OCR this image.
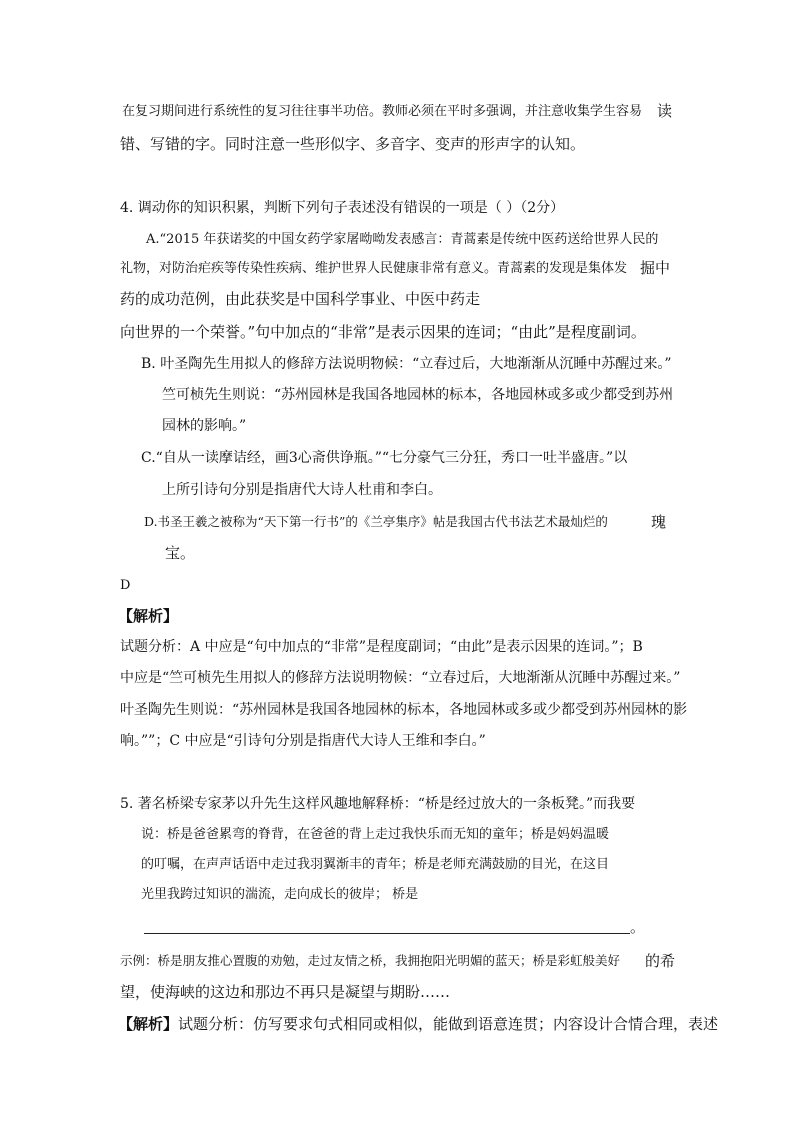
在复习期间进行系统性的复习往往事半功倍。教师必须在平时多强调，并注意收集学生容易 读
错、写错的字。同时注意一些形似字、多音字、变声的形声字的认知。
4. 调动你的知识积累，判断下列句子表述没有错误的一项是（ ）（2分）
A.“2015 年获诺奖的中国女药学家屠呦呦发表感言：青蒿素是传统中医药送给世界人民的
礼物，对防治疟疾等传染性疾病、维护世界人民健康非常有意义。青蒿素的发现是集体发 掘中
药的成功范例，由此获奖是中国科学事业、中医中药走
向世界的一个荣誉。”句中加点的“非常”是表示因果的连词；“由此”是程度副词。
B. 叶圣陶先生用拟人的修辞方法说明物候：“立春过后，大地渐渐从沉睡中苏醒过来。”
竺可桢先生则说：“苏州园林是我国各地园林的标本，各地园林或多或少都受到苏州
园林的影响。”
C.“自从一读摩诘经，画3心斋供诤瓶。”“七分豪气三分狂，秀口一吐半盛唐。”以
上所引诗句分别是指唐代大诗人杜甫和李白。
D.书圣王羲之被称为“天下第一行书”的《兰亭集序》帖是我国古代书法艺术最灿烂的	瑰
宝。
D
【解析】
试题分析：A 中应是“句中加点的“非常”是程度副词；“由此”是表示因果的连词。”；B
中应是“竺可桢先生用拟人的修辞方法说明物候：“立春过后，大地渐渐从沉睡中苏醒过来。”
叶圣陶先生则说：“苏州园林是我国各地园林的标本，各地园林或多或少都受到苏州园林的影
响。””；C 中应是“引诗句分别是指唐代大诗人王维和李白。”
5. 著名桥梁专家茅以升先生这样风趣地解释桥：“桥是经过放大的一条板凳。”而我要
说：桥是爸爸累弯的脊背，在爸爸的背上走过我快乐而无知的童年；桥是妈妈温暖
的叮嘱，在声声话语中走过我羽翼渐丰的青年；桥是老师充满鼓励的目光，在这目
光里我跨过知识的湍流，走向成长的彼岸； 桥是
。
示例：桥是朋友推心置腹的劝勉，走过友情之桥，我拥抱阳光明媚的蓝天；桥是彩虹般美好 的希
望，使海峡的这边和那边不再只是凝望与期盼……
【解析】试题分析：仿写要求句式相同或相似，能做到语意连贯；内容设计合情合理，表述
